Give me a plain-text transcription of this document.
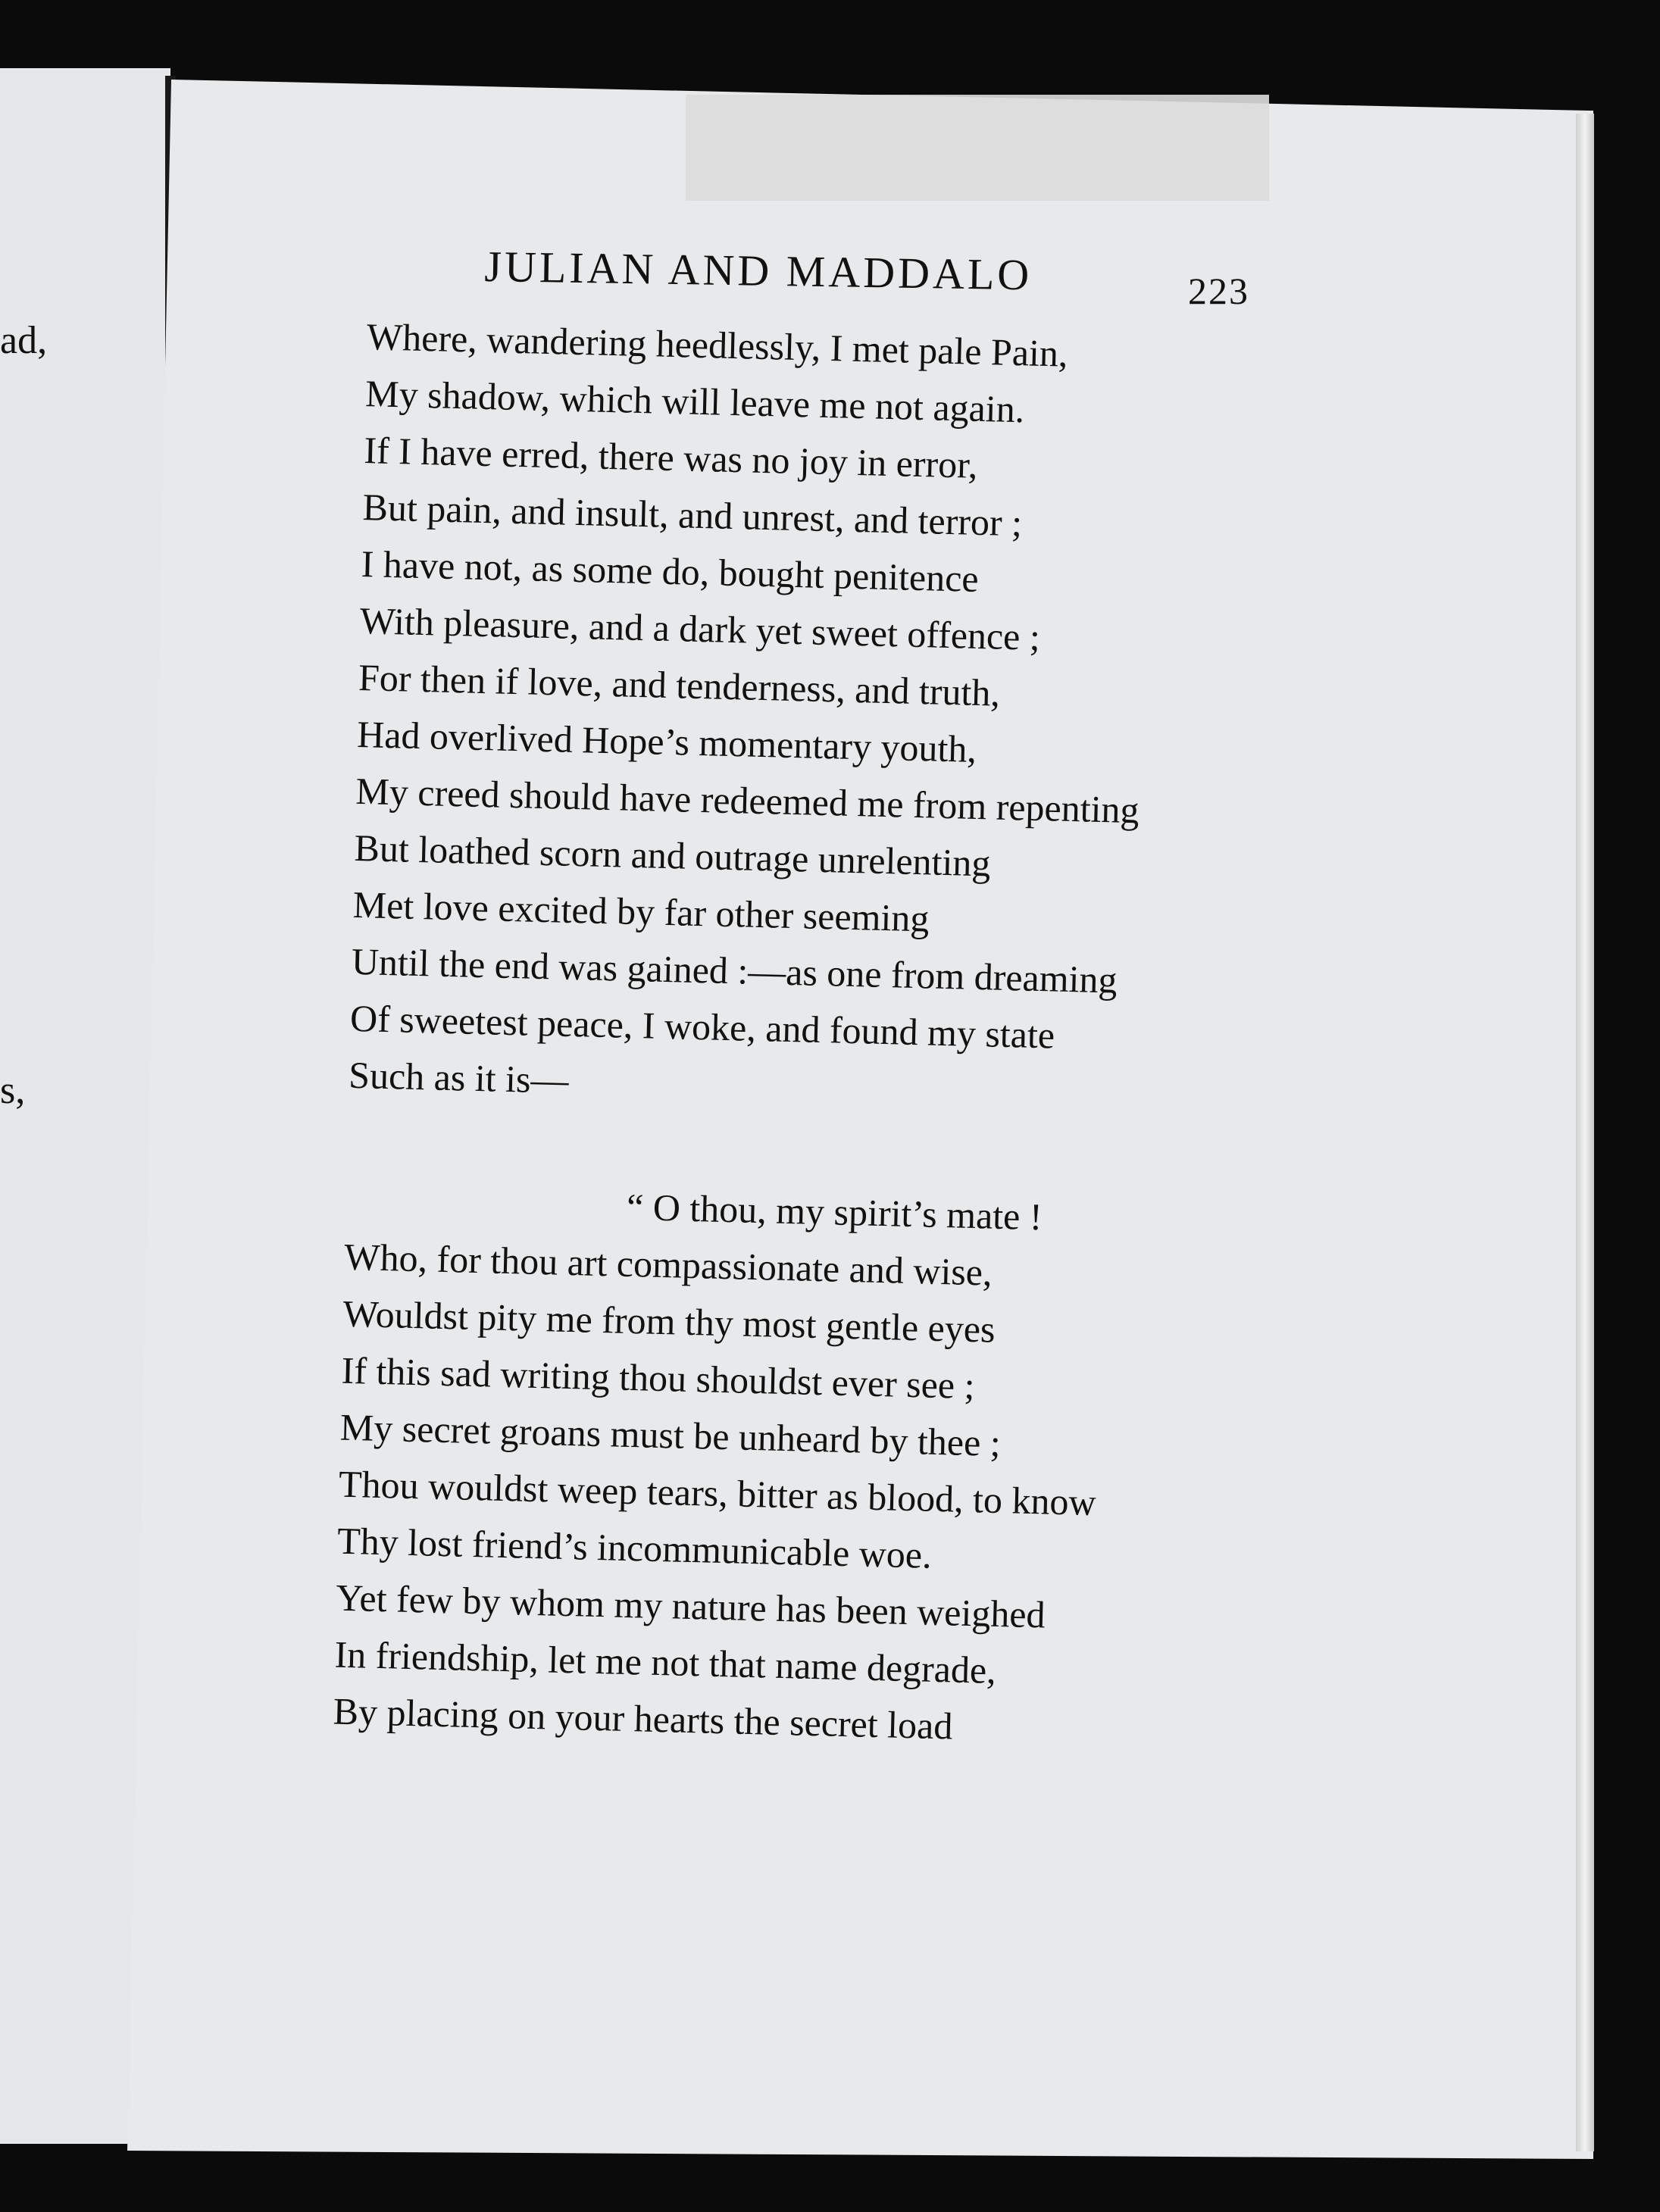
ad,
s,
JULIAN AND MADDALO	223
Where, wandering heedlessly, I met pale Pain,
My shadow, which will leave me not again.
If I have erred, there was no joy in error,
But pain, and insult, and unrest, and terror ;
I have not, as some do, bought penitence
With pleasure, and a dark yet sweet offence ;
For then if love, and tenderness, and truth,
Had overlived Hope’s momentary youth,
My creed should have redeemed me from repenting
But loathed scorn and outrage unrelenting
Met love excited by far other seeming
Until the end was gained :—as one from dreaming
Of sweetest peace, I woke, and found my state
Such as it is—
“ O thou, my spirit’s mate !
Who, for thou art compassionate and wise,
Wouldst pity me from thy most gentle eyes
If this sad writing thou shouldst ever see ;
My secret groans must be unheard by thee ;
Thou wouldst weep tears, bitter as blood, to know
Thy lost friend’s incommunicable woe.
Yet few by whom my nature has been weighed
In friendship, let me not that name degrade,
By placing on your hearts the secret load
